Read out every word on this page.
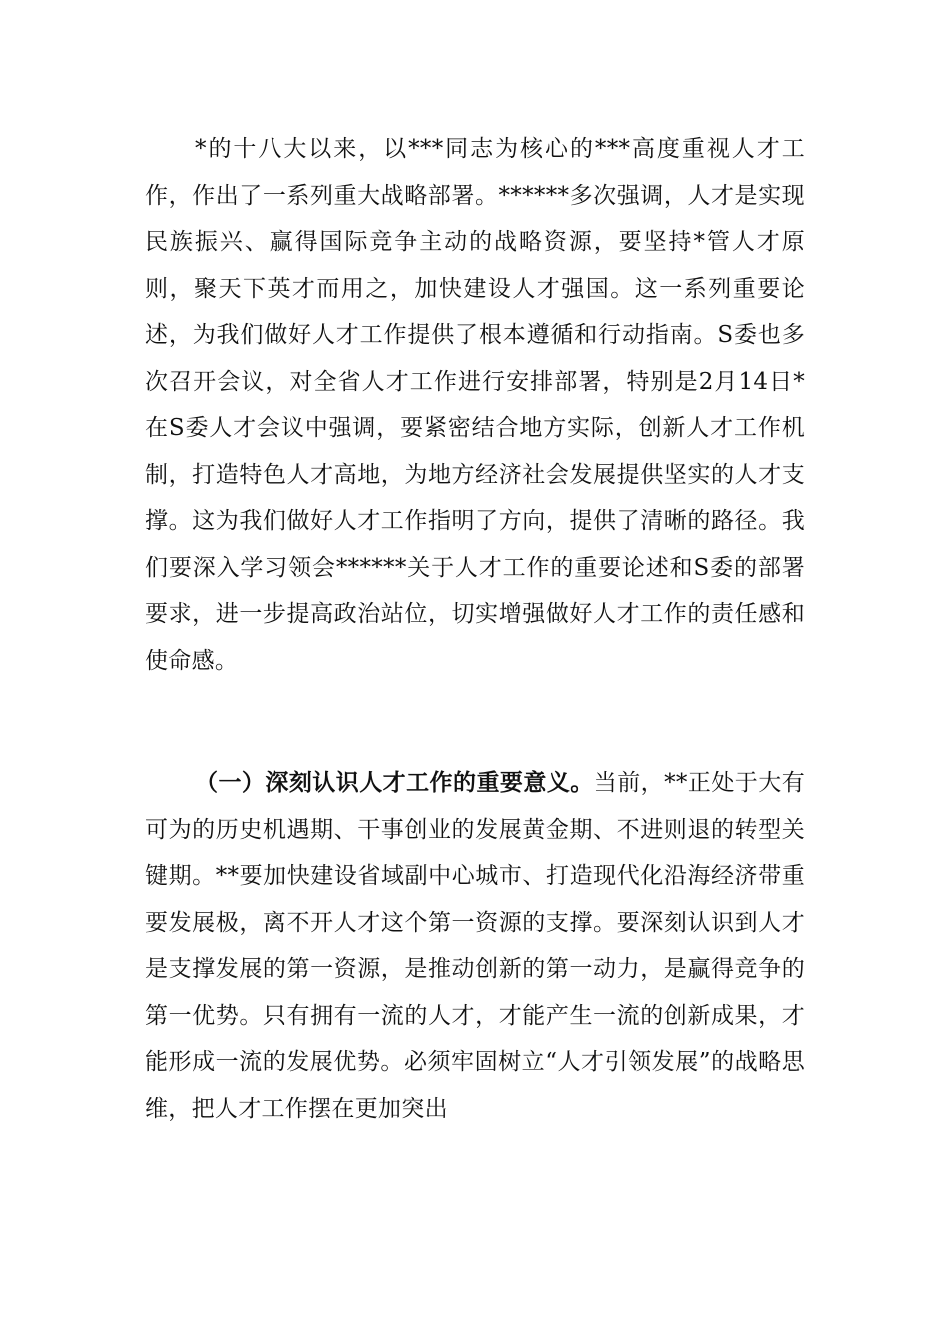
*的十八大以来，以***同志为核心的***高度重视人才工作，作出了一系列重大战略部署。******多次强调，人才是实现民族振兴、赢得国际竞争主动的战略资源，要坚持*管人才原则，聚天下英才而用之，加快建设人才强国。这一系列重要论述，为我们做好人才工作提供了根本遵循和行动指南。S委也多次召开会议，对全省人才工作进行安排部署，特别是2月14日*在S委人才会议中强调，要紧密结合地方实际，创新人才工作机制，打造特色人才高地，为地方经济社会发展提供坚实的人才支撑。这为我们做好人才工作指明了方向，提供了清晰的路径。我们要深入学习领会******关于人才工作的重要论述和S委的部署要求，进一步提高政治站位，切实增强做好人才工作的责任感和使命感。

（一）深刻认识人才工作的重要意义。当前，**正处于大有可为的历史机遇期、干事创业的发展黄金期、不进则退的转型关键期。**要加快建设省域副中心城市、打造现代化沿海经济带重要发展极，离不开人才这个第一资源的支撑。要深刻认识到人才是支撑发展的第一资源，是推动创新的第一动力，是赢得竞争的第一优势。只有拥有一流的人才，才能产生一流的创新成果，才能形成一流的发展优势。必须牢固树立“人才引领发展”的战略思维，把人才工作摆在更加突出
